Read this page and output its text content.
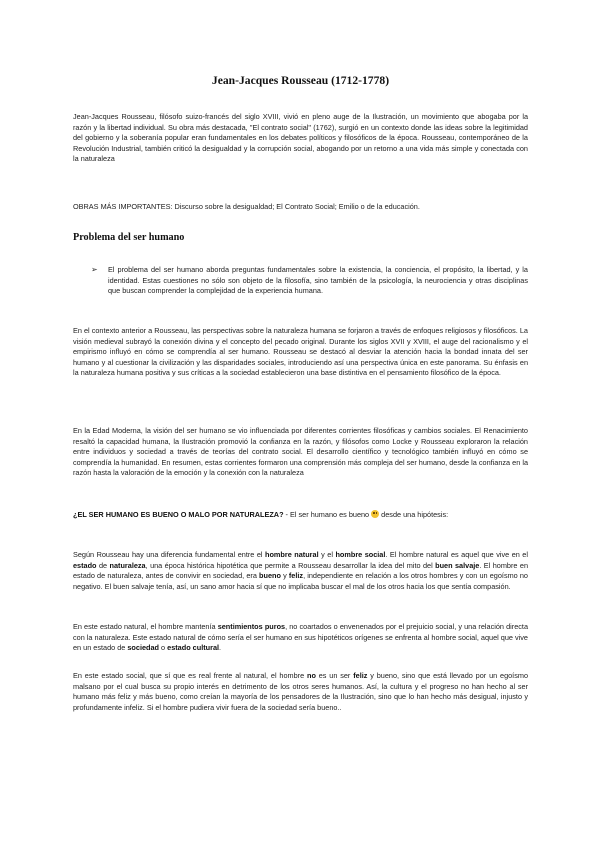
Jean-Jacques Rousseau (1712-1778)

Jean-Jacques Rousseau, filósofo suizo-francés del siglo XVIII, vivió en pleno auge de la Ilustración, un movimiento que abogaba por la razón y la libertad individual. Su obra más destacada, "El contrato social" (1762), surgió en un contexto donde las ideas sobre la legitimidad del gobierno y la soberanía popular eran fundamentales en los debates políticos y filosóficos de la época. Rousseau, contemporáneo de la Revolución Industrial, también criticó la desigualdad y la corrupción social, abogando por un retorno a una vida más simple y conectada con la naturaleza

OBRAS MÁS IMPORTANTES: Discurso sobre la desigualdad; El Contrato Social; Emilio o de la educación.

Problema del ser humano
➢ El problema del ser humano aborda preguntas fundamentales sobre la existencia, la conciencia, el propósito, la libertad, y la identidad. Estas cuestiones no sólo son objeto de la filosofía, sino también de la psicología, la neurociencia y otras disciplinas que buscan comprender la complejidad de la experiencia humana.

En el contexto anterior a Rousseau, las perspectivas sobre la naturaleza humana se forjaron a través de enfoques religiosos y filosóficos. La visión medieval subrayó la conexión divina y el concepto del pecado original. Durante los siglos XVII y XVIII, el auge del racionalismo y el empirismo influyó en cómo se comprendía al ser humano. Rousseau se destacó al desviar la atención hacia la bondad innata del ser humano y al cuestionar la civilización y las disparidades sociales, introduciendo así una perspectiva única en este panorama. Su énfasis en la naturaleza humana positiva y sus críticas a la sociedad establecieron una base distintiva en el pensamiento filosófico de la época.

En la Edad Moderna, la visión del ser humano se vio influenciada por diferentes corrientes filosóficas y cambios sociales. El Renacimiento resaltó la capacidad humana, la Ilustración promovió la confianza en la razón, y filósofos como Locke y Rousseau exploraron la relación entre individuos y sociedad a través de teorías del contrato social. El desarrollo científico y tecnológico también influyó en cómo se comprendía la humanidad. En resumen, estas corrientes formaron una comprensión más compleja del ser humano, desde la confianza en la razón hasta la valoración de la emoción y la conexión con la naturaleza

¿EL SER HUMANO ES BUENO O MALO POR NATURALEZA? - El ser humano es bueno  desde una hipótesis:

Según Rousseau hay una diferencia fundamental entre el hombre natural y el hombre social. El hombre natural es aquel que vive en el estado de naturaleza, una época histórica hipotética que permite a Rousseau desarrollar la idea del mito del buen salvaje. El hombre en estado de naturaleza, antes de convivir en sociedad, era bueno y feliz, independiente en relación a los otros hombres y con un egoísmo no negativo. El buen salvaje tenía, así, un sano amor hacia sí que no implicaba buscar el mal de los otros hacia los que sentía compasión.

En este estado natural, el hombre mantenía sentimientos puros, no coartados o envenenados por el prejuicio social, y una relación directa con la naturaleza. Este estado natural de cómo sería el ser humano en sus hipotéticos orígenes se enfrenta al hombre social, aquel que vive en un estado de sociedad o estado cultural.

En este estado social, que sí que es real frente al natural, el hombre no es un ser feliz y bueno, sino que está llevado por un egoísmo malsano por el cual busca su propio interés en detrimento de los otros seres humanos. Así, la cultura y el progreso no han hecho al ser humano más feliz y más bueno, como creían la mayoría de los pensadores de la Ilustración, sino que lo han hecho más desigual, injusto y profundamente infeliz. Si el hombre pudiera vivir fuera de la sociedad sería bueno..
